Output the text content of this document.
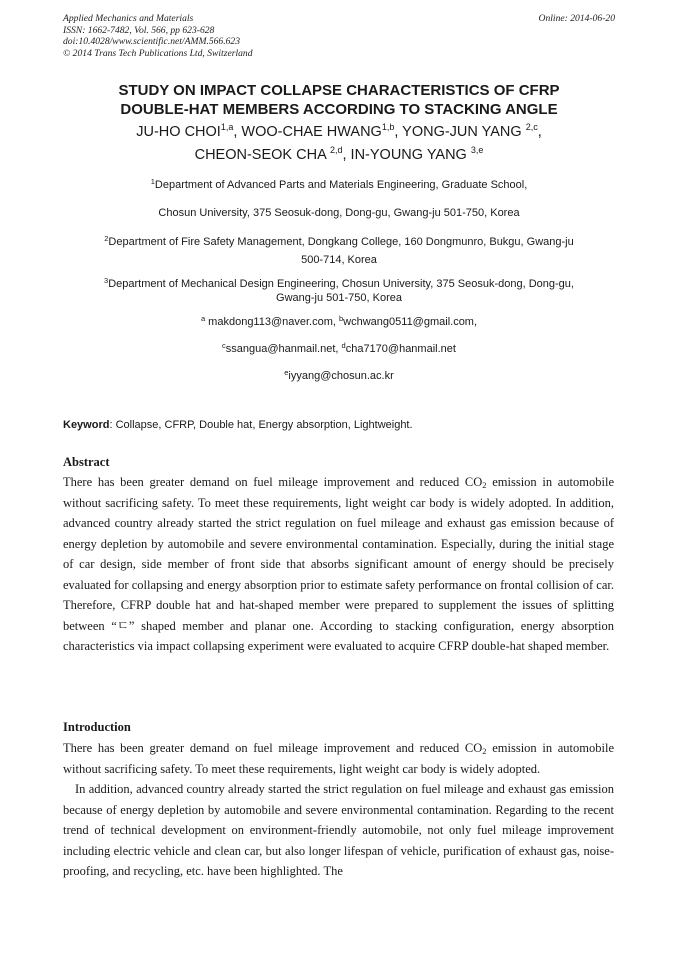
Applied Mechanics and Materials
ISSN: 1662-7482, Vol. 566, pp 623-628
doi:10.4028/www.scientific.net/AMM.566.623
© 2014 Trans Tech Publications Ltd, Switzerland
Online: 2014-06-20
STUDY ON IMPACT COLLAPSE CHARACTERISTICS OF CFRP
DOUBLE-HAT MEMBERS ACCORDING TO STACKING ANGLE
JU-HO CHOI$^{1,a}$, WOO-CHAE HWANG$^{1,b}$, YONG-JUN YANG $^{2,c}$,
CHEON-SEOK CHA $^{2,d}$, IN-YOUNG YANG $^{3,e}$
$^1$Department of Advanced Parts and Materials Engineering, Graduate School,
Chosun University, 375 Seosuk-dong, Dong-gu, Gwang-ju 501-750, Korea
$^2$Department of Fire Safety Management, Dongkang College, 160 Dongmunro, Bukgu, Gwang-ju
500-714, Korea
$^3$Department of Mechanical Design Engineering, Chosun University, 375 Seosuk-dong, Dong-gu,
Gwang-ju 501-750, Korea
$^a$ makdong113@naver.com, $^b$wchwang0511@gmail.com,
$^c$ssangua@hanmail.net, $^d$cha7170@hanmail.net
$^e$iyyang@chosun.ac.kr
Keyword: Collapse, CFRP, Double hat, Energy absorption, Lightweight.
Abstract
There has been greater demand on fuel mileage improvement and reduced $CO_2$ emission in automobile without sacrificing safety. To meet these requirements, light weight car body is widely adopted. In addition, advanced country already started the strict regulation on fuel mileage and exhaust gas emission because of energy depletion by automobile and severe environmental contamination. Especially, during the initial stage of car design, side member of front side that absorbs significant amount of energy should be precisely evaluated for collapsing and energy absorption prior to estimate safety performance on frontal collision of car. Therefore, CFRP double hat and hat-shaped member were prepared to supplement the issues of splitting between “ㄷ” shaped member and planar one. According to stacking configuration, energy absorption characteristics via impact collapsing experiment were evaluated to acquire CFRP double-hat shaped member.
Introduction
There has been greater demand on fuel mileage improvement and reduced $CO_2$ emission in automobile without sacrificing safety. To meet these requirements, light weight car body is widely adopted.
In addition, advanced country already started the strict regulation on fuel mileage and exhaust gas emission because of energy depletion by automobile and severe environmental contamination. Regarding to the recent trend of technical development on environment-friendly automobile, not only fuel mileage improvement including electric vehicle and clean car, but also longer lifespan of vehicle, purification of exhaust gas, noise-proofing, and recycling, etc. have been highlighted. The
